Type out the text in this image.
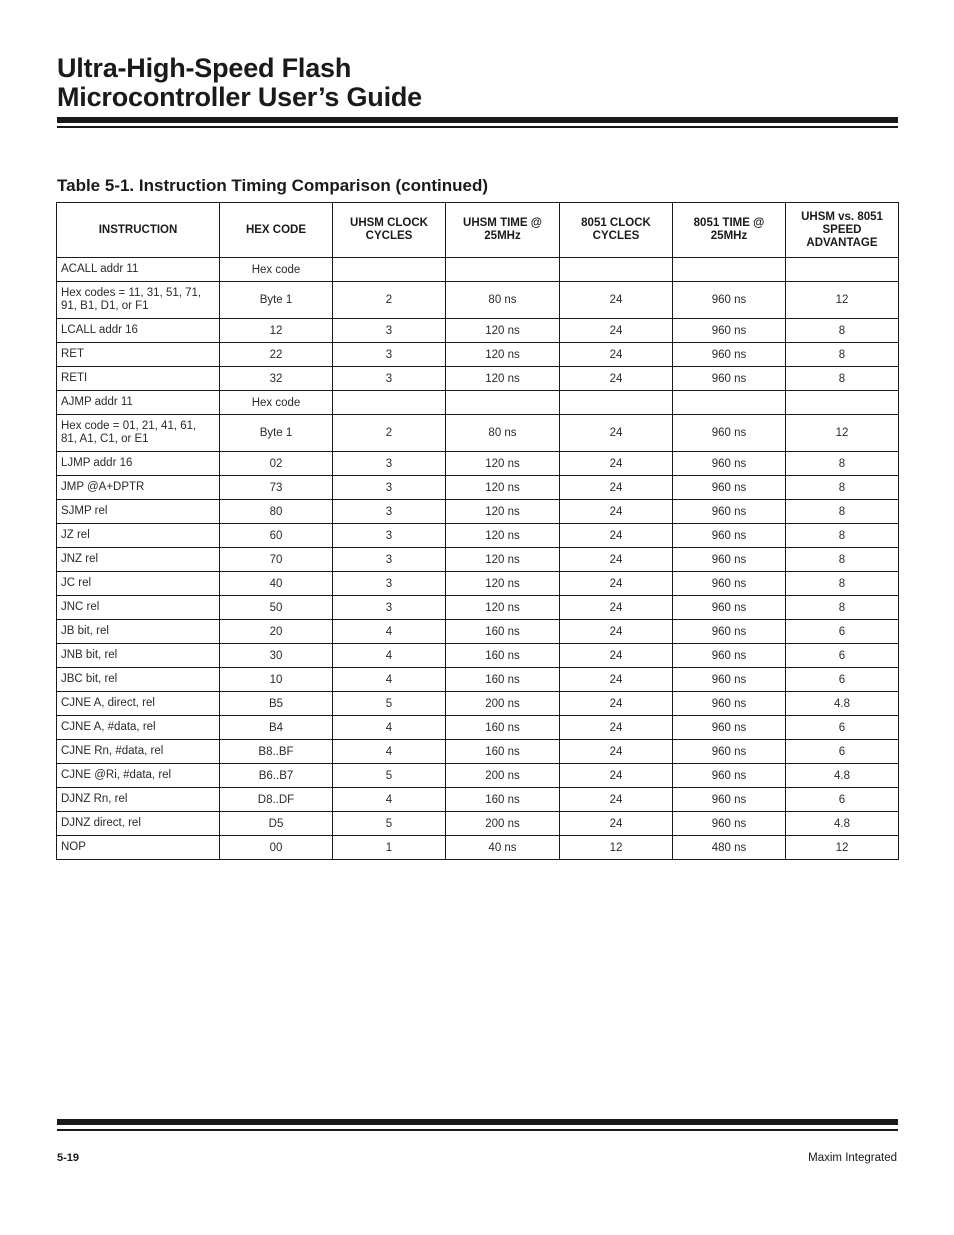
Ultra-High-Speed Flash
Microcontroller User’s Guide
Table 5-1. Instruction Timing Comparison (continued)
INSTRUCTION	HEX CODE	UHSM CLOCK CYCLES	UHSM TIME @ 25MHz	8051 CLOCK CYCLES	8051 TIME @ 25MHz	UHSM vs. 8051 SPEED ADVANTAGE
ACALL addr 11	Hex code					
Hex codes = 11, 31, 51, 71, 91, B1, D1, or F1	Byte 1	2	80 ns	24	960 ns	12
LCALL addr 16	12	3	120 ns	24	960 ns	8
RET	22	3	120 ns	24	960 ns	8
RETI	32	3	120 ns	24	960 ns	8
AJMP addr 11	Hex code					
Hex code = 01, 21, 41, 61, 81, A1, C1, or E1	Byte 1	2	80 ns	24	960 ns	12
LJMP addr 16	02	3	120 ns	24	960 ns	8
JMP @A+DPTR	73	3	120 ns	24	960 ns	8
SJMP rel	80	3	120 ns	24	960 ns	8
JZ rel	60	3	120 ns	24	960 ns	8
JNZ rel	70	3	120 ns	24	960 ns	8
JC rel	40	3	120 ns	24	960 ns	8
JNC rel	50	3	120 ns	24	960 ns	8
JB bit, rel	20	4	160 ns	24	960 ns	6
JNB bit, rel	30	4	160 ns	24	960 ns	6
JBC bit, rel	10	4	160 ns	24	960 ns	6
CJNE A, direct, rel	B5	5	200 ns	24	960 ns	4.8
CJNE A, #data, rel	B4	4	160 ns	24	960 ns	6
CJNE Rn, #data, rel	B8..BF	4	160 ns	24	960 ns	6
CJNE @Ri, #data, rel	B6..B7	5	200 ns	24	960 ns	4.8
DJNZ Rn, rel	D8..DF	4	160 ns	24	960 ns	6
DJNZ direct, rel	D5	5	200 ns	24	960 ns	4.8
NOP	00	1	40 ns	12	480 ns	12
5-19	Maxim Integrated
